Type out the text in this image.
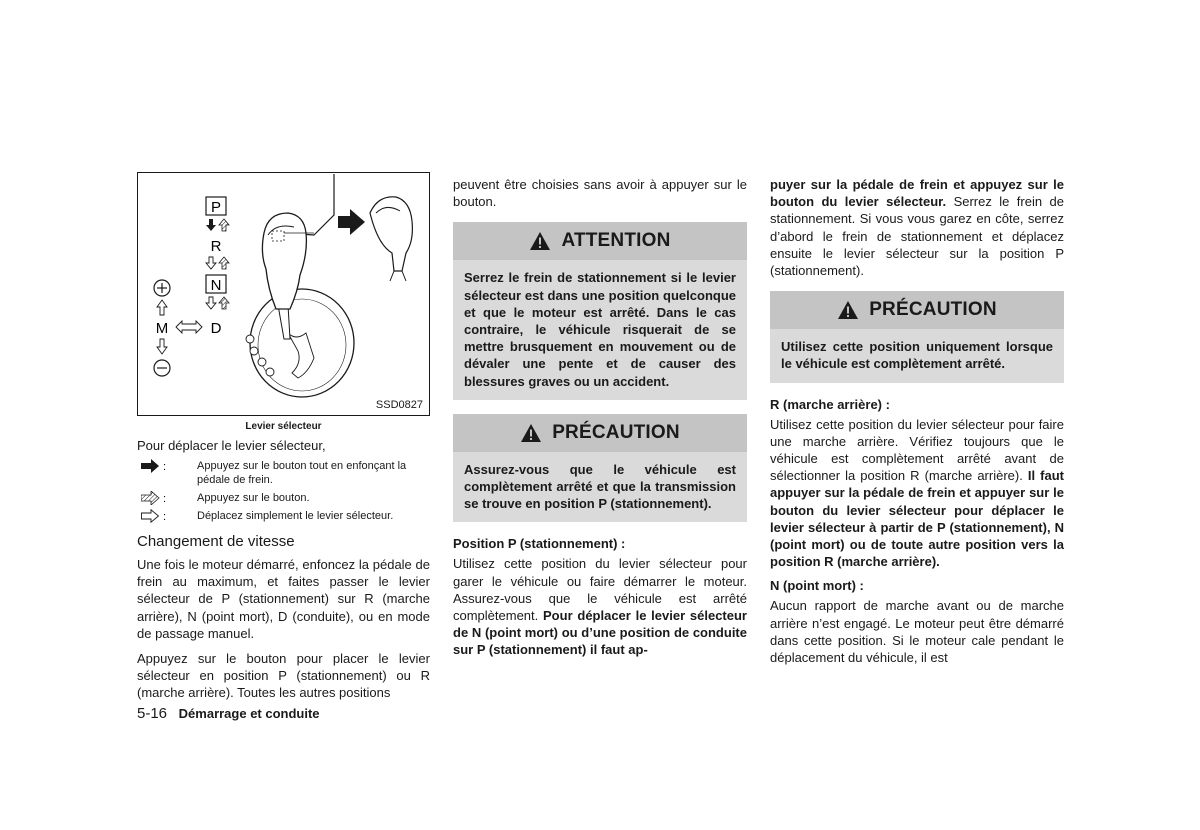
P
R
N
D
M
SSD0827
Levier sélecteur
Pour déplacer le levier sélecteur,
:	Appuyez sur le bouton tout en enfonçant la pédale de frein.
:	Appuyez sur le bouton.
:	Déplacez simplement le levier sélecteur.
Changement de vitesse

Une fois le moteur démarré, enfoncez la pédale de frein au maximum, et faites passer le levier sélecteur de P (stationnement) sur R (marche arrière), N (point mort), D (conduite), ou en mode de passage manuel.

Appuyez sur le bouton pour placer le levier sélecteur en position P (stationnement) ou R (marche arrière). Toutes les autres positions

peuvent être choisies sans avoir à appuyer sur le bouton.

ATTENTION
Serrez le frein de stationnement si le levier sélecteur est dans une position quelconque et que le moteur est arrêté. Dans le cas contraire, le véhicule risquerait de se mettre brusquement en mouvement ou de dévaler une pente et de causer des blessures graves ou un accident.
PRÉCAUTION
Assurez-vous que le véhicule est complètement arrêté et que la transmission se trouve en position P (stationnement).
Position P (stationnement) :

Utilisez cette position du levier sélecteur pour garer le véhicule ou faire démarrer le moteur. Assurez-vous que le véhicule est arrêté complètement. Pour déplacer le levier sélecteur de N (point mort) ou d’une position de conduite sur P (stationnement) il faut ap-

puyer sur la pédale de frein et appuyez sur le bouton du levier sélecteur. Serrez le frein de stationnement. Si vous vous garez en côte, serrez d’abord le frein de stationnement et déplacez ensuite le levier sélecteur sur la position P (stationnement).

PRÉCAUTION
Utilisez cette position uniquement lorsque le véhicule est complètement arrêté.
R (marche arrière) :

Utilisez cette position du levier sélecteur pour faire une marche arrière. Vérifiez toujours que le véhicule est complètement arrêté avant de sélectionner la position R (marche arrière). Il faut appuyer sur la pédale de frein et appuyer sur le bouton du levier sélecteur pour déplacer le levier sélecteur à partir de P (stationnement), N (point mort) ou de toute autre position vers la position R (marche arrière).

N (point mort) :

Aucun rapport de marche avant ou de marche arrière n’est engagé. Le moteur peut être démarré dans cette position. Si le moteur cale pendant le déplacement du véhicule, il est

5-16 Démarrage et conduite
